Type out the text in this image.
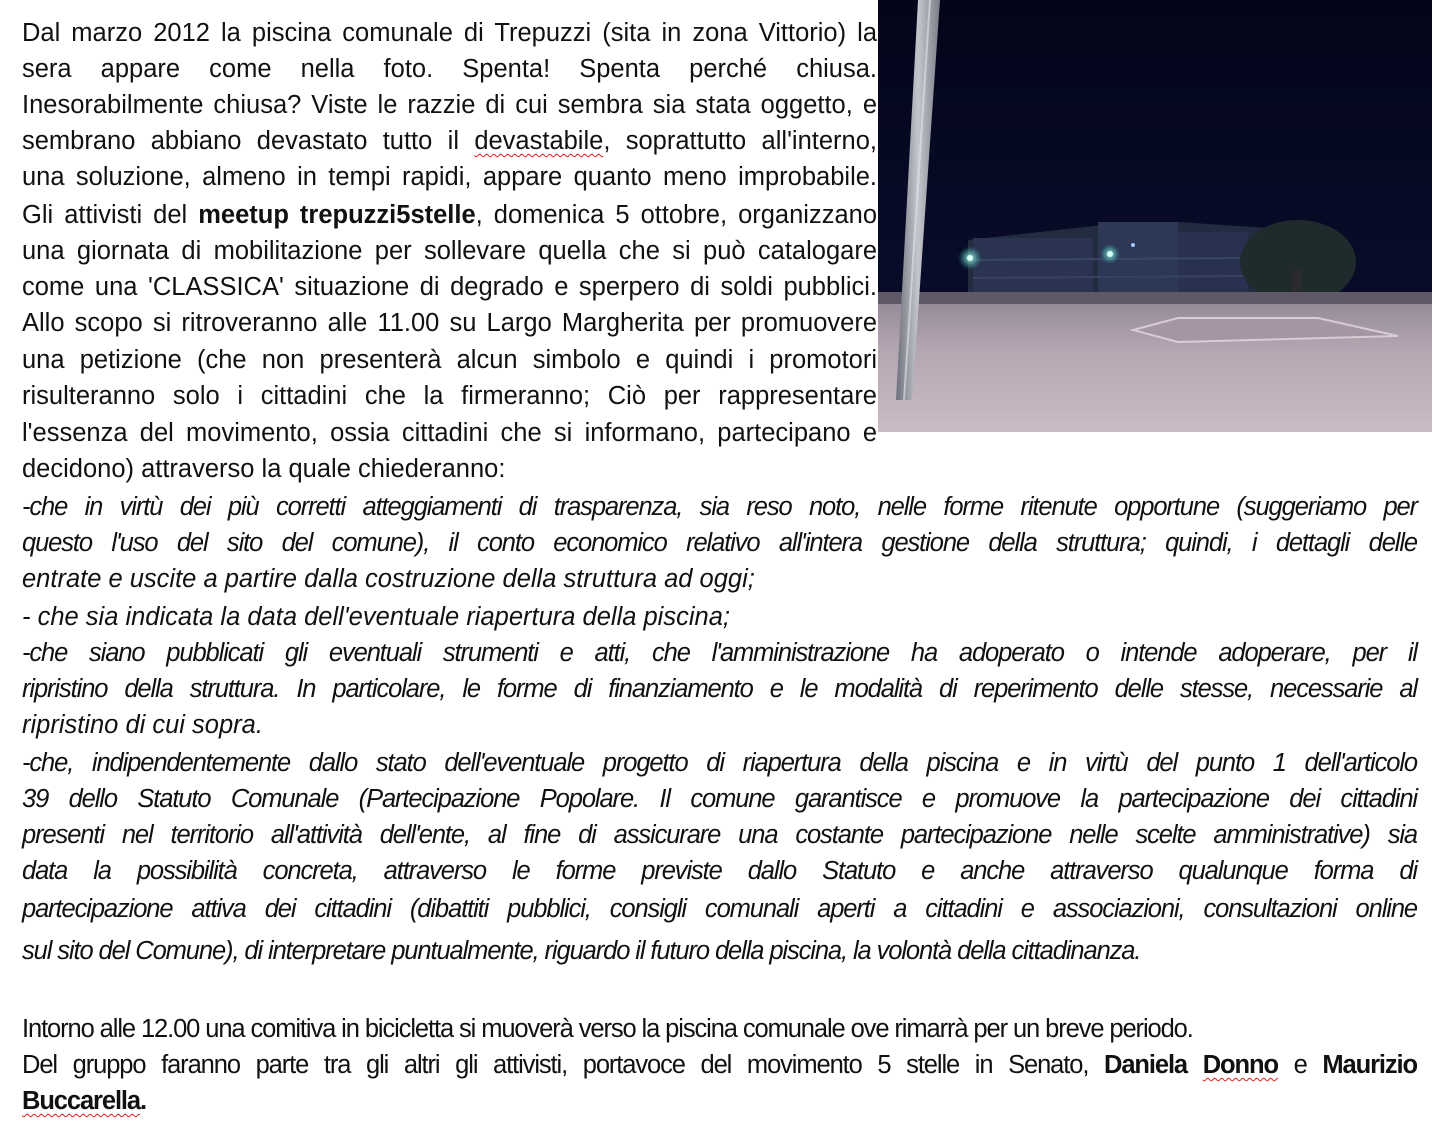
Dal marzo 2012 la piscina comunale di Trepuzzi (sita in zona Vittorio) la
sera appare come nella foto. Spenta! Spenta perché chiusa.
Inesorabilmente chiusa? Viste le razzie di cui sembra sia stata oggetto, e
sembrano abbiano devastato tutto il devastabile, soprattutto all'interno,
una soluzione, almeno in tempi rapidi, appare quanto meno improbabile.
Gli attivisti del meetup trepuzzi5stelle, domenica 5 ottobre, organizzano
una giornata di mobilitazione per sollevare quella che si può catalogare
come una 'CLASSICA' situazione di degrado e sperpero di soldi pubblici.
Allo scopo si ritroveranno alle 11.00 su Largo Margherita per promuovere
una petizione (che non presenterà alcun simbolo e quindi i promotori
risulteranno solo i cittadini che la firmeranno; Ciò per rappresentare
l'essenza del movimento, ossia cittadini che si informano, partecipano e
decidono) attraverso la quale chiederanno:
-che in virtù dei più corretti atteggiamenti di trasparenza, sia reso noto, nelle forme ritenute opportune (suggeriamo per
questo l'uso del sito del comune), il conto economico relativo all'intera gestione della struttura; quindi, i dettagli delle
entrate e uscite a partire dalla costruzione della struttura ad oggi;
- che sia indicata la data dell'eventuale riapertura della piscina;
-che siano pubblicati gli eventuali strumenti e atti, che l'amministrazione ha adoperato o intende adoperare, per il
ripristino della struttura. In particolare, le forme di finanziamento e le modalità di reperimento delle stesse, necessarie al
ripristino di cui sopra.
-che, indipendentemente dallo stato dell'eventuale progetto di riapertura della piscina e in virtù del punto 1 dell'articolo
39 dello Statuto Comunale (Partecipazione Popolare. Il comune garantisce e promuove la partecipazione dei cittadini
presenti nel territorio all'attività dell'ente, al fine di assicurare una costante partecipazione nelle scelte amministrative) sia
data la possibilità concreta, attraverso le forme previste dallo Statuto e anche attraverso qualunque forma di
partecipazione attiva dei cittadini (dibattiti pubblici, consigli comunali aperti a cittadini e associazioni, consultazioni online
sul sito del Comune), di interpretare puntualmente, riguardo il futuro della piscina, la volontà della cittadinanza.
Intorno alle 12.00 una comitiva in bicicletta si muoverà verso la piscina comunale ove rimarrà per un breve periodo.
Del gruppo faranno parte tra gli altri gli attivisti, portavoce del movimento 5 stelle in Senato, Daniela Donno e Maurizio
Buccarella.
